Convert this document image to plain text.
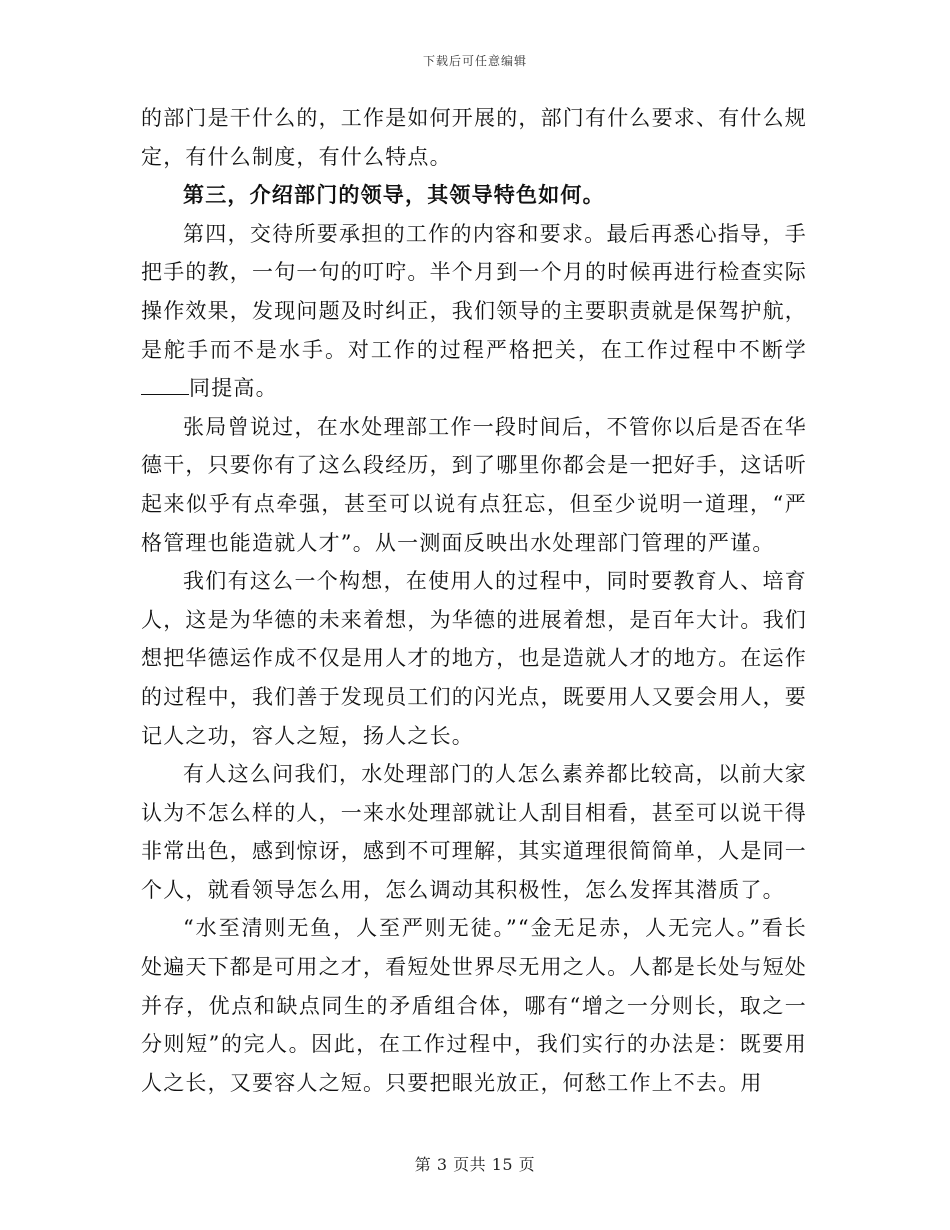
下载后可任意编辑

的部门是干什么的，工作是如何开展的，部门有什么要求、有什么规定，有什么制度，有什么特点。

第三，介绍部门的领导，其领导特色如何。

第四，交待所要承担的工作的内容和要求。最后再悉心指导，手把手的教，一句一句的叮咛。半个月到一个月的时候再进行检查实际操作效果，发现问题及时纠正，我们领导的主要职责就是保驾护航，是舵手而不是水手。对工作的过程严格把关，在工作过程中不断学同提高。

张局曾说过，在水处理部工作一段时间后，不管你以后是否在华德干，只要你有了这么段经历，到了哪里你都会是一把好手，这话听起来似乎有点牵强，甚至可以说有点狂忘，但至少说明一道理，“严格管理也能造就人才”。从一测面反映出水处理部门管理的严谨。

我们有这么一个构想，在使用人的过程中，同时要教育人、培育人，这是为华德的未来着想，为华德的进展着想，是百年大计。我们想把华德运作成不仅是用人才的地方，也是造就人才的地方。在运作的过程中，我们善于发现员工们的闪光点，既要用人又要会用人，要记人之功，容人之短，扬人之长。

有人这么问我们，水处理部门的人怎么素养都比较高，以前大家认为不怎么样的人，一来水处理部就让人刮目相看，甚至可以说干得非常出色，感到惊讶，感到不可理解，其实道理很简简单，人是同一个人，就看领导怎么用，怎么调动其积极性，怎么发挥其潜质了。

“水至清则无鱼，人至严则无徒。”“金无足赤，人无完人。”看长处遍天下都是可用之才，看短处世界尽无用之人。人都是长处与短处并存，优点和缺点同生的矛盾组合体，哪有“增之一分则长，取之一分则短”的完人。因此，在工作过程中，我们实行的办法是：既要用人之长，又要容人之短。只要把眼光放正，何愁工作上不去。用

第 3 页共 15 页
